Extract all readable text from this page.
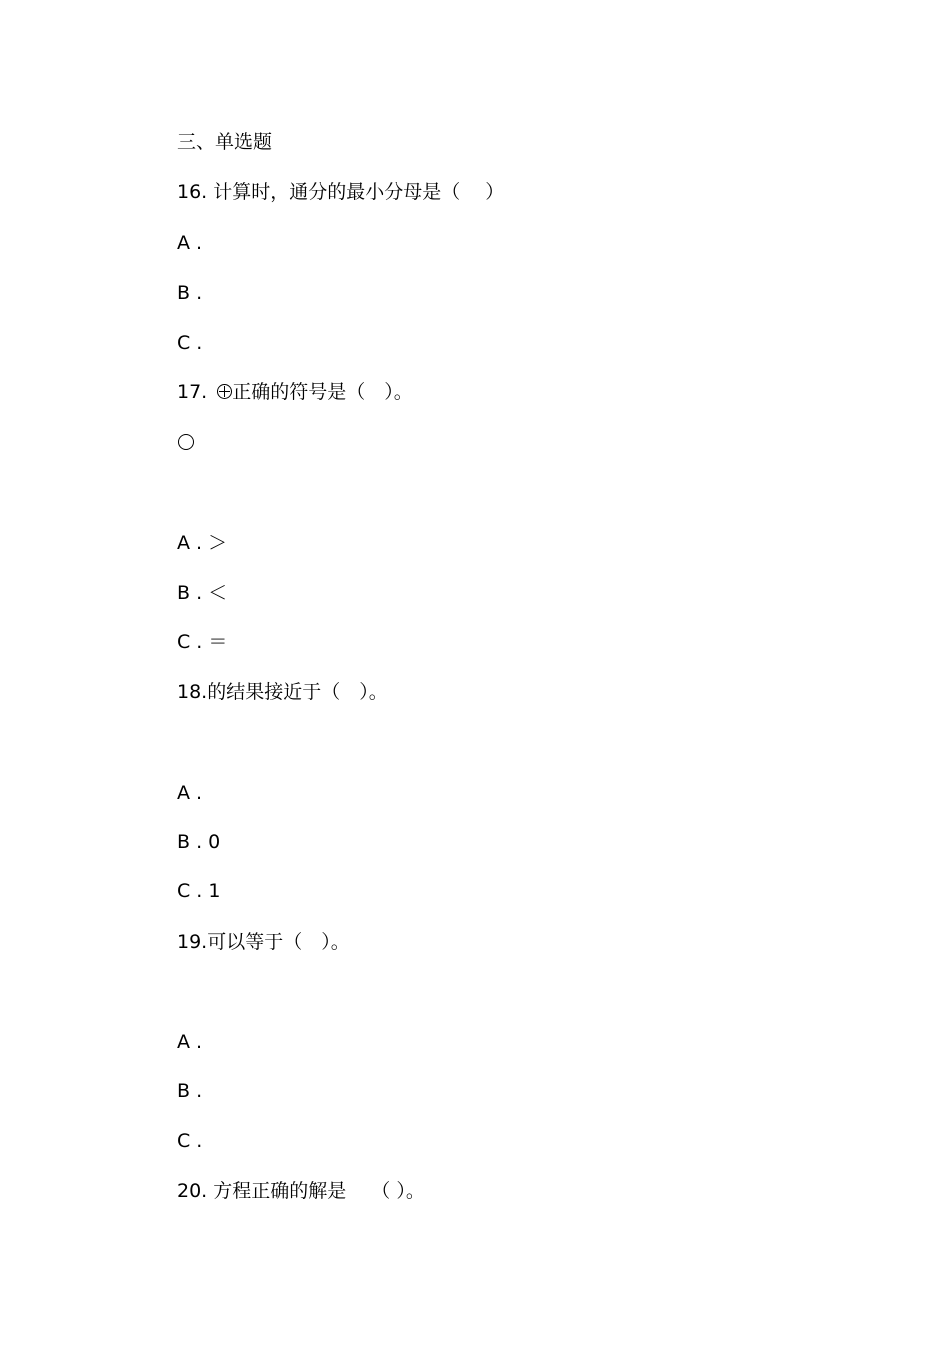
三、单选题
16. 计算时，通分的最小分母是（　 ）
A .
B .
C .
17. 正确的符号是（　）。
A . ＞
B . ＜
C . ＝
18.的结果接近于（　）。
A .
B . 0
C . 1
19.可以等于（　）。
A .
B .
C .
20. 方程正确的解是　 （ ）。
